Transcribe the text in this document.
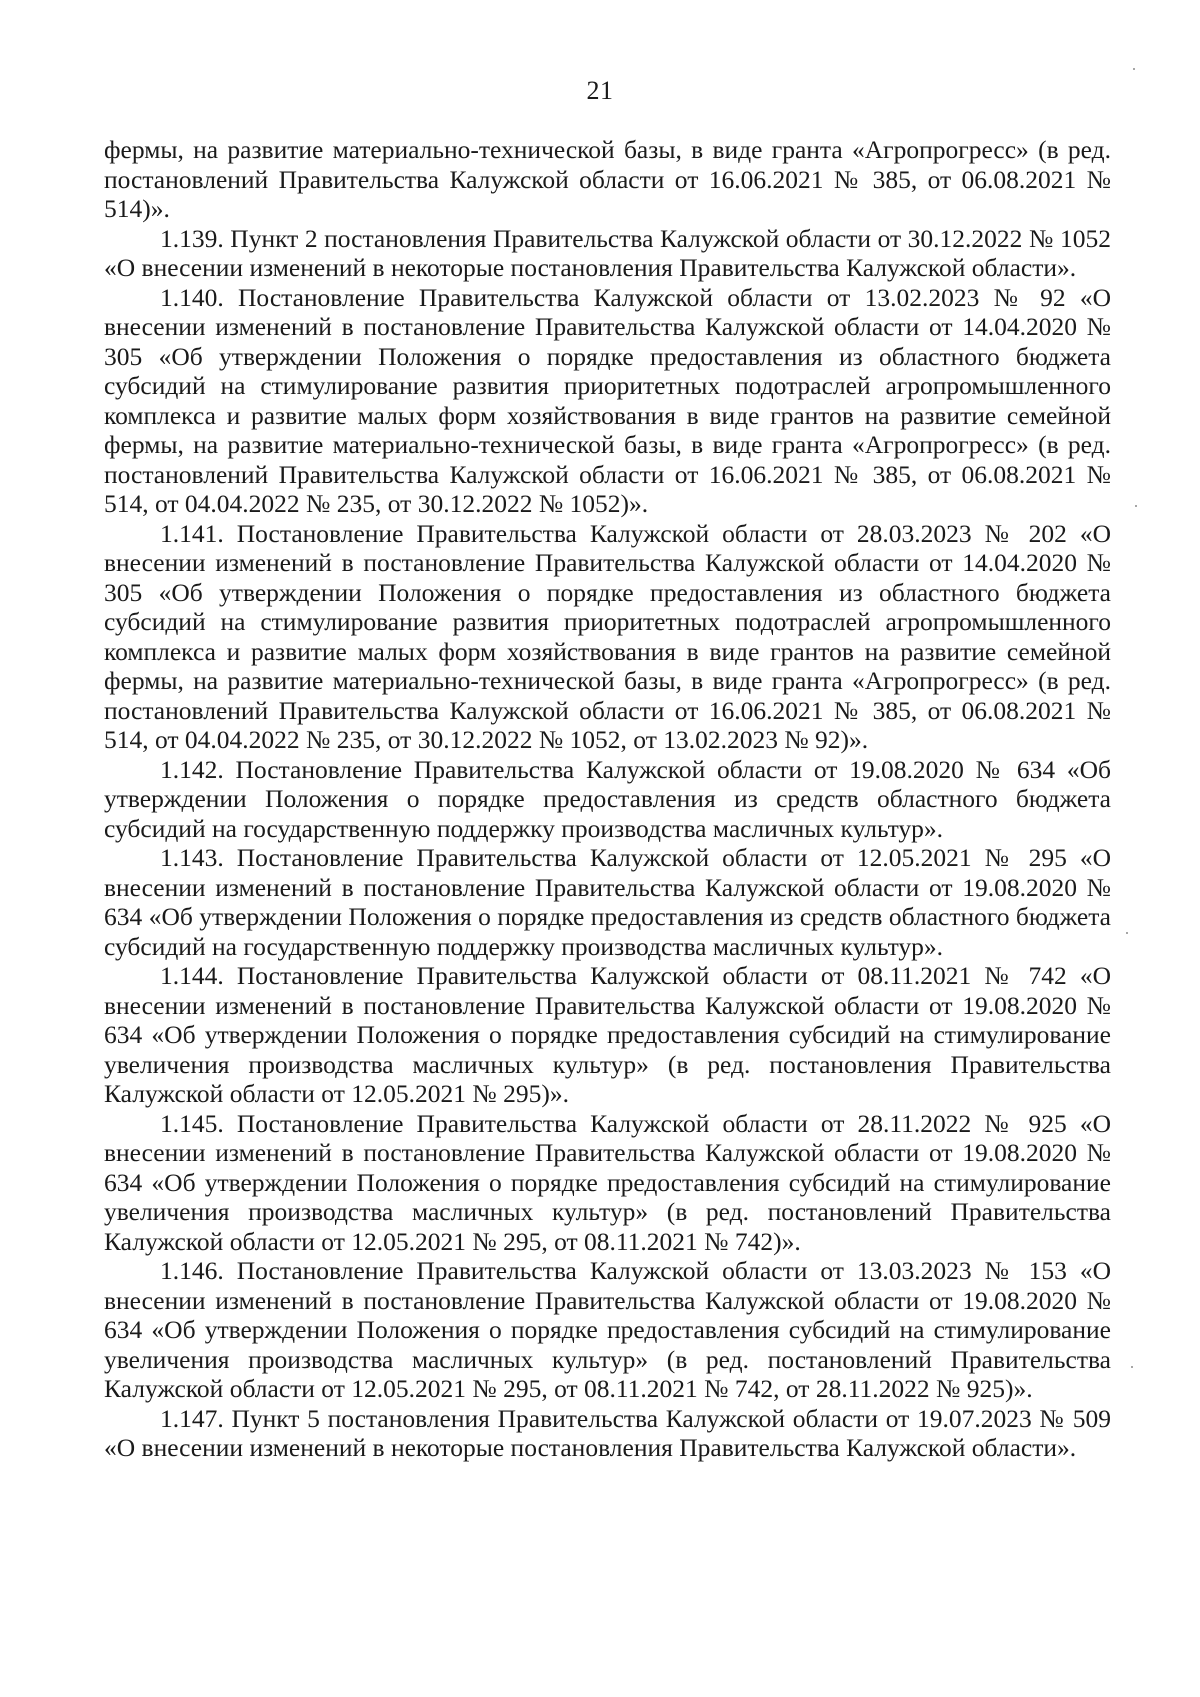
21

фермы, на развитие материально-технической базы, в виде гранта «Агропрогресс» (в ред. постановлений Правительства Калужской области от 16.06.2021 № 385, от 06.08.2021 № 514)».

1.139. Пункт 2 постановления Правительства Калужской области от 30.12.2022 № 1052 «О внесении изменений в некоторые постановления Правительства Калужской области».

1.140. Постановление Правительства Калужской области от 13.02.2023 № 92 «О внесении изменений в постановление Правительства Калужской области от 14.04.2020 № 305 «Об утверждении Положения о порядке предоставления из областного бюджета субсидий на стимулирование развития приоритетных подотраслей агропромышленного комплекса и развитие малых форм хозяйствования в виде грантов на развитие семейной фермы, на развитие материально-технической базы, в виде гранта «Агропрогресс» (в ред. постановлений Правительства Калужской области от 16.06.2021 № 385, от 06.08.2021 № 514, от 04.04.2022 № 235, от 30.12.2022 № 1052)».

1.141. Постановление Правительства Калужской области от 28.03.2023 № 202 «О внесении изменений в постановление Правительства Калужской области от 14.04.2020 № 305 «Об утверждении Положения о порядке предоставления из областного бюджета субсидий на стимулирование развития приоритетных подотраслей агропромышленного комплекса и развитие малых форм хозяйствования в виде грантов на развитие семейной фермы, на развитие материально-технической базы, в виде гранта «Агропрогресс» (в ред. постановлений Правительства Калужской области от 16.06.2021 № 385, от 06.08.2021 № 514, от 04.04.2022 № 235, от 30.12.2022 № 1052, от 13.02.2023 № 92)».

1.142. Постановление Правительства Калужской области от 19.08.2020 № 634 «Об утверждении Положения о порядке предоставления из средств областного бюджета субсидий на государственную поддержку производства масличных культур».

1.143. Постановление Правительства Калужской области от 12.05.2021 № 295 «О внесении изменений в постановление Правительства Калужской области от 19.08.2020 № 634 «Об утверждении Положения о порядке предоставления из средств областного бюджета субсидий на государственную поддержку производства масличных культур».

1.144. Постановление Правительства Калужской области от 08.11.2021 № 742 «О внесении изменений в постановление Правительства Калужской области от 19.08.2020 № 634 «Об утверждении Положения о порядке предоставления субсидий на стимулирование увеличения производства масличных культур» (в ред. постановления Правительства Калужской области от 12.05.2021 № 295)».

1.145. Постановление Правительства Калужской области от 28.11.2022 № 925 «О внесении изменений в постановление Правительства Калужской области от 19.08.2020 № 634 «Об утверждении Положения о порядке предоставления субсидий на стимулирование увеличения производства масличных культур» (в ред. постановлений Правительства Калужской области от 12.05.2021 № 295, от 08.11.2021 № 742)».

1.146. Постановление Правительства Калужской области от 13.03.2023 № 153 «О внесении изменений в постановление Правительства Калужской области от 19.08.2020 № 634 «Об утверждении Положения о порядке предоставления субсидий на стимулирование увеличения производства масличных культур» (в ред. постановлений Правительства Калужской области от 12.05.2021 № 295, от 08.11.2021 № 742, от 28.11.2022 № 925)».

1.147. Пункт 5 постановления Правительства Калужской области от 19.07.2023 № 509 «О внесении изменений в некоторые постановления Правительства Калужской области».
